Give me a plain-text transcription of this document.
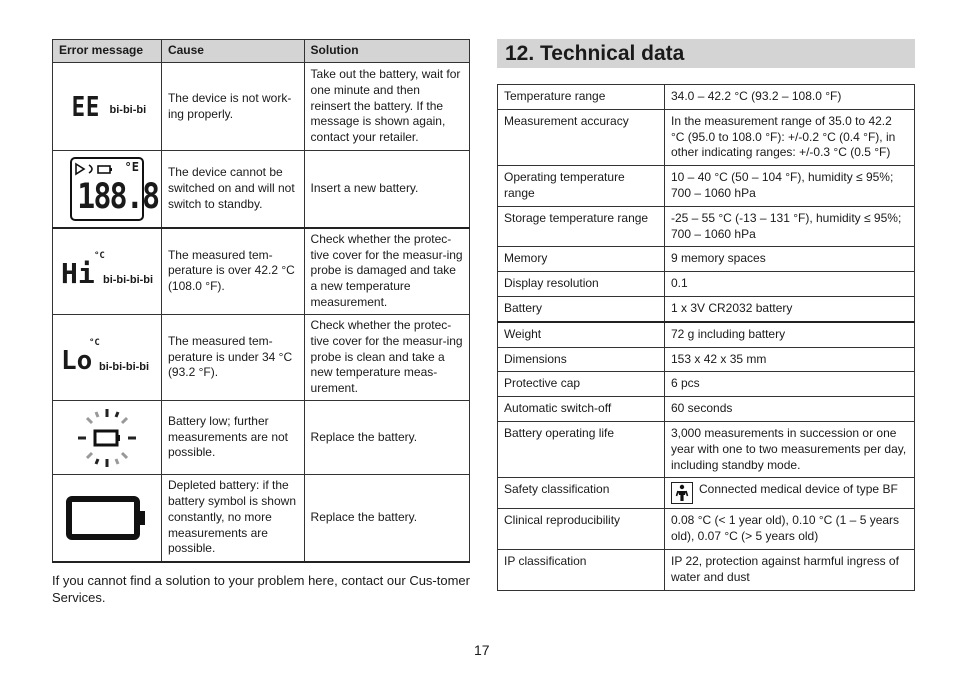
Error message	Cause	Solution

EE bi-bi-bi	The device is not work-ing properly.	Take out the battery, wait for one minute and then reinsert the battery. If the message is shown again, contact your retailer.

°E
188.8	The device cannot be switched on and will not switch to standby.	Insert a new battery.

°C
Hi bi-bi-bi-bi	The measured tem-perature is over 42.2 °C (108.0 °F).	Check whether the protec-tive cover for the measur-ing probe is damaged and take a new temperature measurement.

°C
Lo bi-bi-bi-bi	The measured tem-perature is under 34 °C (93.2 °F).	Check whether the protec-tive cover for the measur-ing probe is clean and take a new temperature meas-urement.

	Battery low; further measurements are not possible.	Replace the battery.

	Depleted battery: if the battery symbol is shown constantly, no more measurements are possible.	Replace the battery.

If you cannot find a solution to your problem here, contact our Cus-tomer Services.

12. Technical data
Temperature range	34.0 – 42.2 °C (93.2 – 108.0 °F)
Measurement accuracy	In the measurement range of 35.0 to 42.2 °C (95.0 to 108.0 °F): +/-0.2 °C (0.4 °F), in other indicating ranges: +/-0.3 °C (0.5 °F)
Operating temperature range	10 – 40 °C (50 – 104 °F), humidity ≤ 95%; 700 – 1060 hPa
Storage temperature range	-25 – 55 °C (-13 – 131 °F), humidity ≤ 95%; 700 – 1060 hPa
Memory	9 memory spaces
Display resolution	0.1
Battery	1 x 3V CR2032 battery
Weight	72 g including battery
Dimensions	153 x 42 x 35 mm
Protective cap	6 pcs
Automatic switch-off	60 seconds
Battery operating life	3,000 measurements in succession or one year with one to two measurements per day, including standby mode.
Safety classification	Connected medical device of type BF

Clinical reproducibility	0.08 °C (< 1 year old), 0.10 °C (1 – 5 years old), 0.07 °C (> 5 years old)
IP classification	IP 22, protection against harmful ingress of water and dust
17
